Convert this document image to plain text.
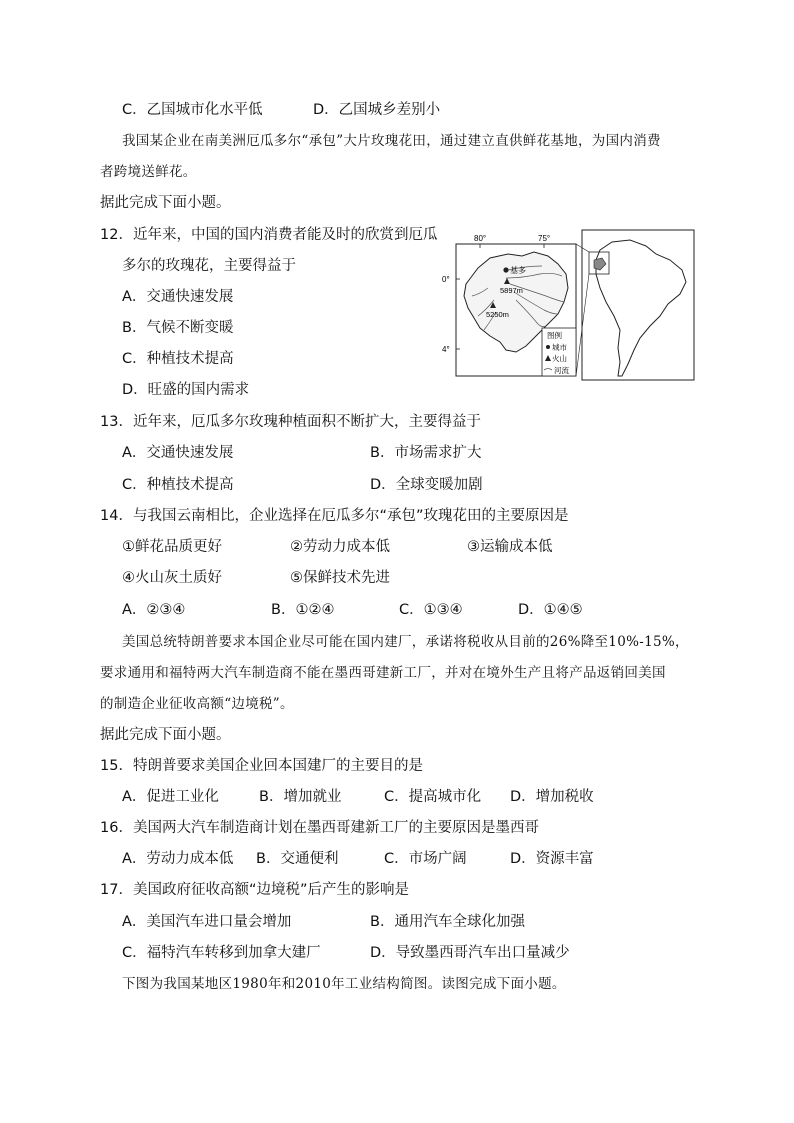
C．乙国城市化水平低	D．乙国城乡差别小
我国某企业在南美洲厄瓜多尔“承包”大片玫瑰花田，通过建立直供鲜花基地，为国内消费
者跨境送鲜花。
据此完成下面小题。
12．近年来，中国的国内消费者能及时的欣赏到厄瓜
多尔的玫瑰花，主要得益于
A．交通快速发展
B．气候不断变暖
C．种植技术提高
D．旺盛的国内需求
80°	75°
0°
4°
基多
5897m
5250m
图例
城市
火山
河流
13．近年来，厄瓜多尔玫瑰种植面积不断扩大，主要得益于
A．交通快速发展	B．市场需求扩大
C．种植技术提高	D．全球变暖加剧
14．与我国云南相比，企业选择在厄瓜多尔“承包”玫瑰花田的主要原因是
①鲜花品质更好	②劳动力成本低	③运输成本低
④火山灰土质好	⑤保鲜技术先进
A．②③④	B．①②④	C．①③④	D．①④⑤
美国总统特朗普要求本国企业尽可能在国内建厂，承诺将税收从目前的26%降至10%-15%，
要求通用和福特两大汽车制造商不能在墨西哥建新工厂，并对在境外生产且将产品返销回美国
的制造企业征收高额“边境税”。
据此完成下面小题。
15．特朗普要求美国企业回本国建厂的主要目的是
A．促进工业化	B．增加就业	C．提高城市化 D．增加税收
16．美国两大汽车制造商计划在墨西哥建新工厂的主要原因是墨西哥
A．劳动力成本低 B．交通便利	C．市场广阔	D．资源丰富
17．美国政府征收高额“边境税”后产生的影响是
A．美国汽车进口量会增加	B．通用汽车全球化加强
C．福特汽车转移到加拿大建厂	D．导致墨西哥汽车出口量减少
下图为我国某地区1980年和2010年工业结构简图。读图完成下面小题。
